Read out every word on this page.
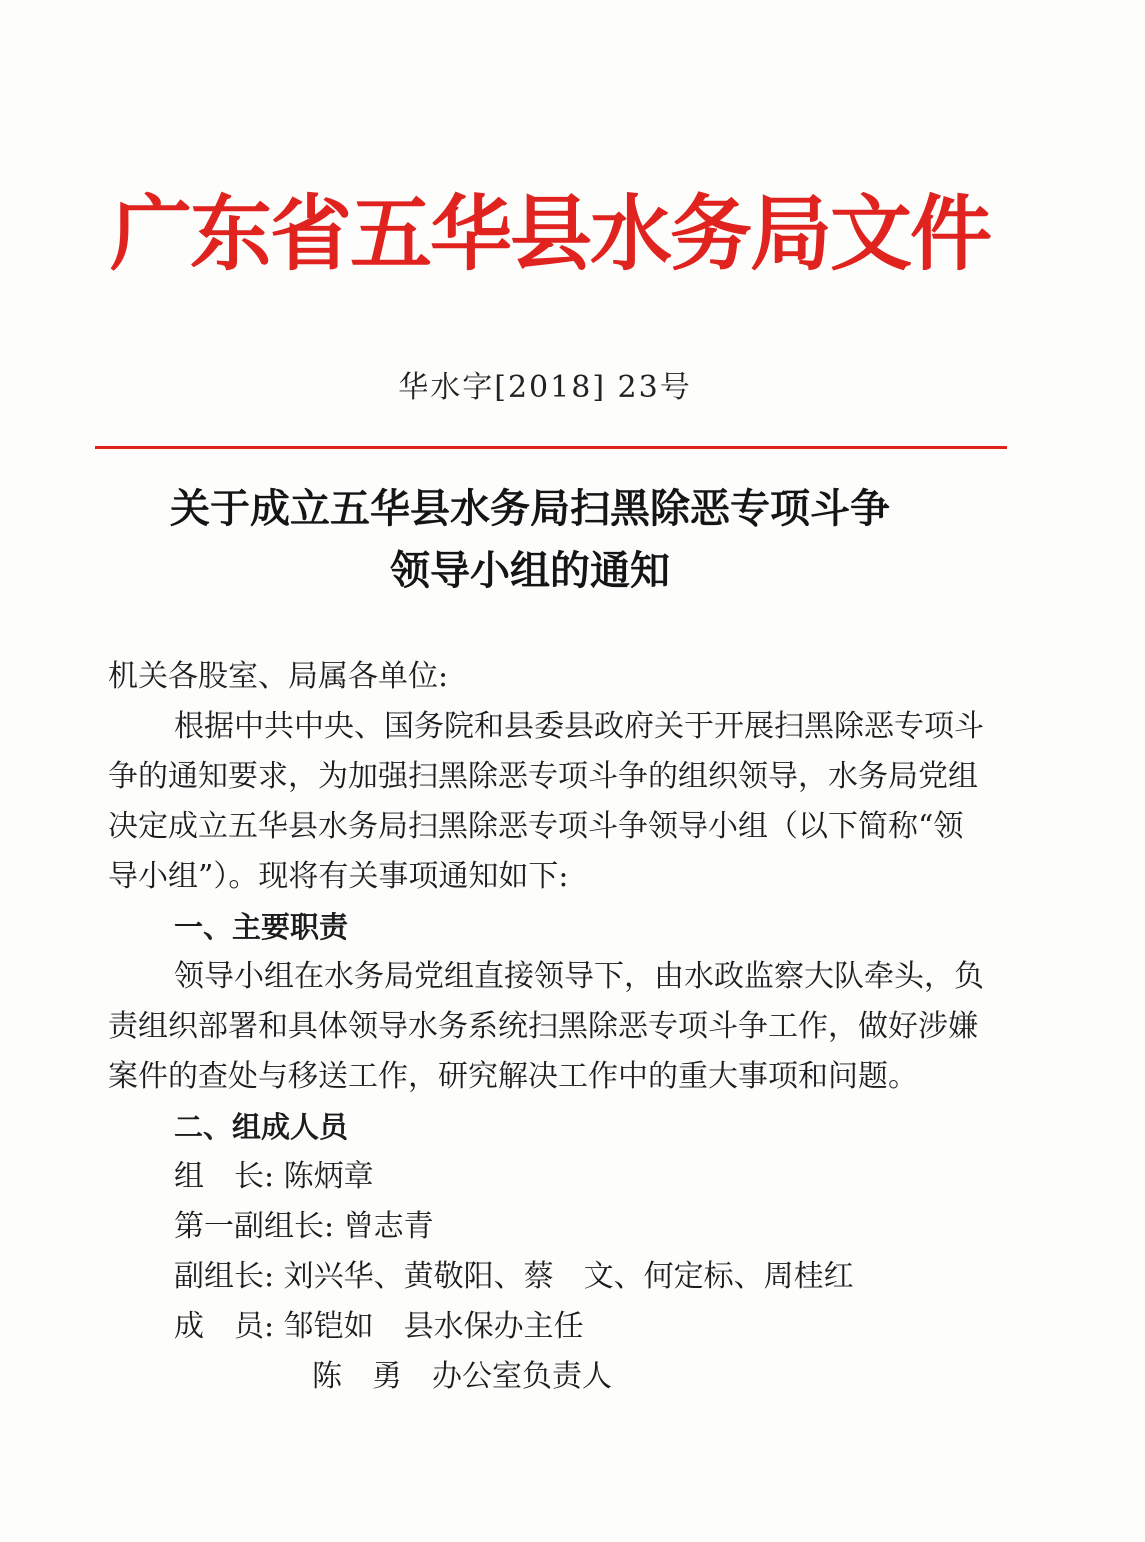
广东省五华县水务局文件
华水字[2018] 23号
关于成立五华县水务局扫黑除恶专项斗争
领导小组的通知

机关各股室、局属各单位:

根据中共中央、国务院和县委县政府关于开展扫黑除恶专项斗争的通知要求，为加强扫黑除恶专项斗争的组织领导，水务局党组决定成立五华县水务局扫黑除恶专项斗争领导小组（以下简称“领导小组”）。现将有关事项通知如下:

一、主要职责

领导小组在水务局党组直接领导下，由水政监察大队牵头，负责组织部署和具体领导水务系统扫黑除恶专项斗争工作，做好涉嫌案件的查处与移送工作，研究解决工作中的重大事项和问题。

二、组成人员

组　长: 陈炳章

第一副组长: 曾志青

副组长: 刘兴华、黄敬阳、蔡　文、何定标、周桂红

成　员: 邹铠如　县水保办主任

陈　勇　办公室负责人
